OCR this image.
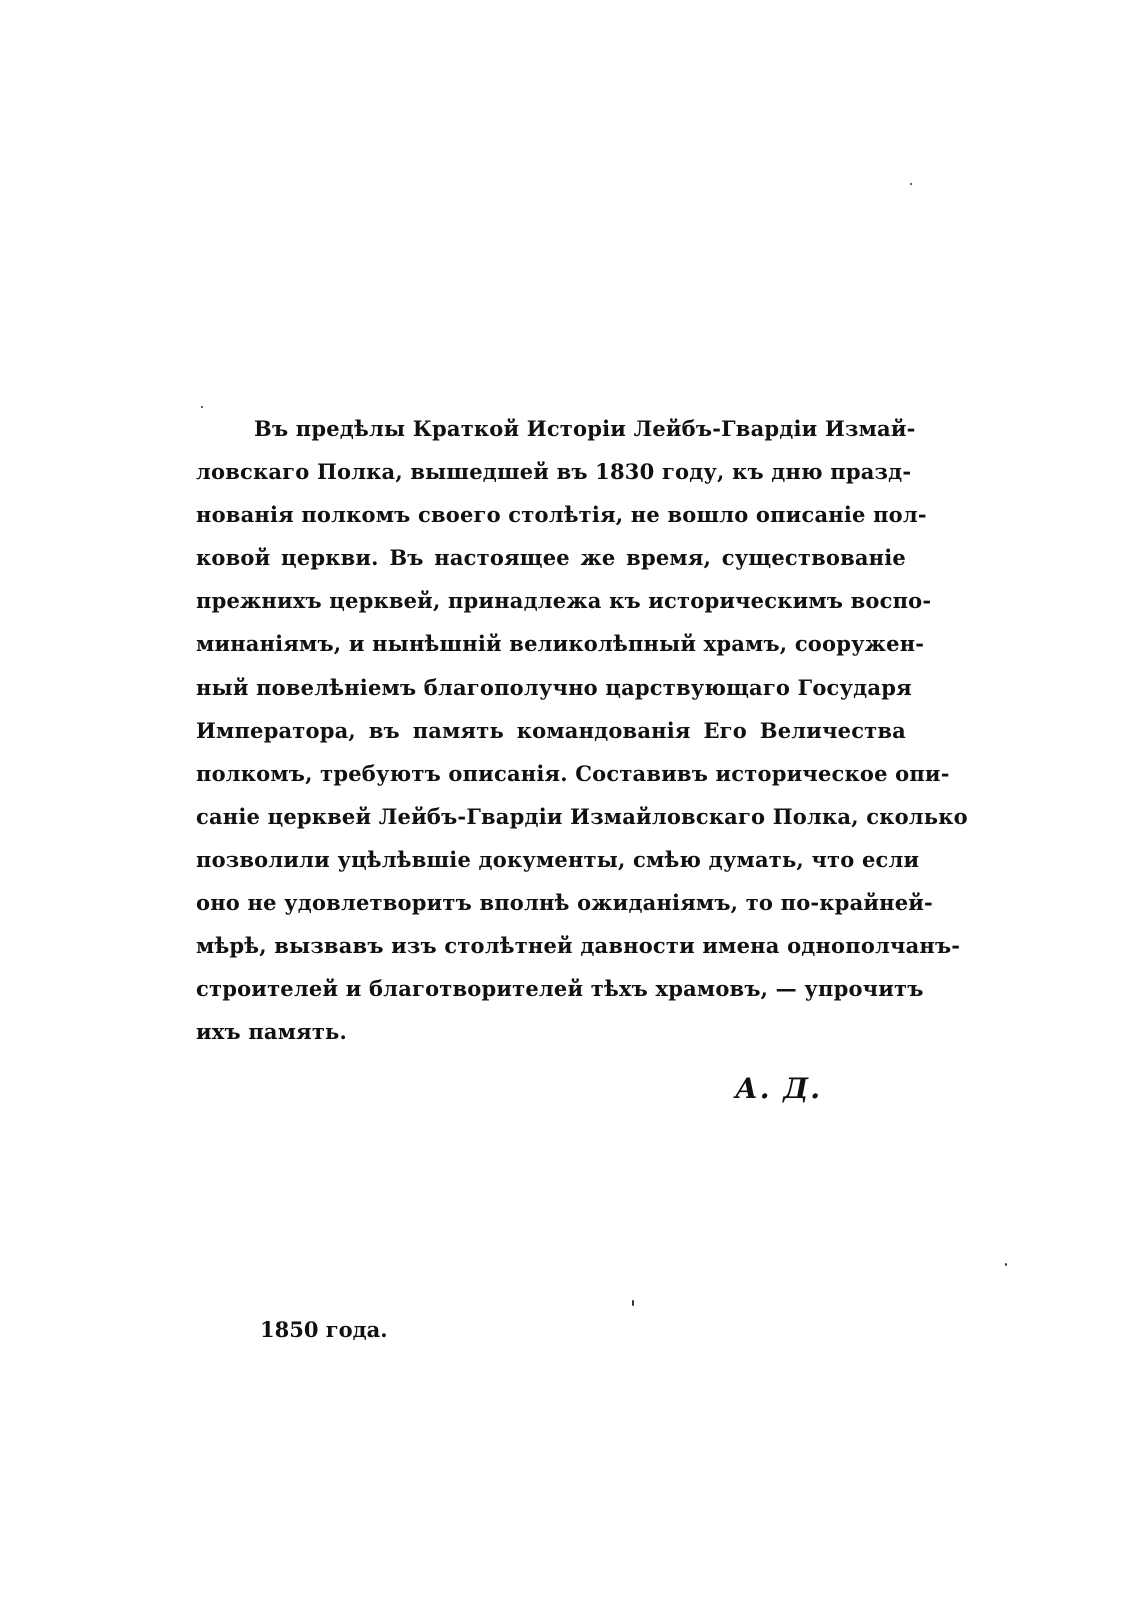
Въ предѣлы Краткой Исторіи Лейбъ-Гвардіи Измай-
ловскаго Полка, вышедшей въ 1830 году, къ дню празд-
нованія полкомъ своего столѣтія, не вошло описаніе пол-
ковой церкви. Въ настоящее же время, существованіе
прежнихъ церквей, принадлежа къ историческимъ воспо-
минаніямъ, и нынѣшній великолѣпный храмъ, сооружен-
ный повелѣніемъ благополучно царствующаго Государя
Императора, въ память командованія Его Величества
полкомъ, требуютъ описанія. Составивъ историческое опи-
саніе церквей Лейбъ-Гвардіи Измайловскаго Полка, сколько
позволили уцѣлѣвшіе документы, смѣю думать, что если
оно не удовлетворитъ вполнѣ ожиданіямъ, то по-крайней-
мѣрѣ, вызвавъ изъ столѣтней давности имена однополчанъ-
строителей и благотворителей тѣхъ храмовъ, — упрочитъ
ихъ память.
А. Д.
1850 года.
